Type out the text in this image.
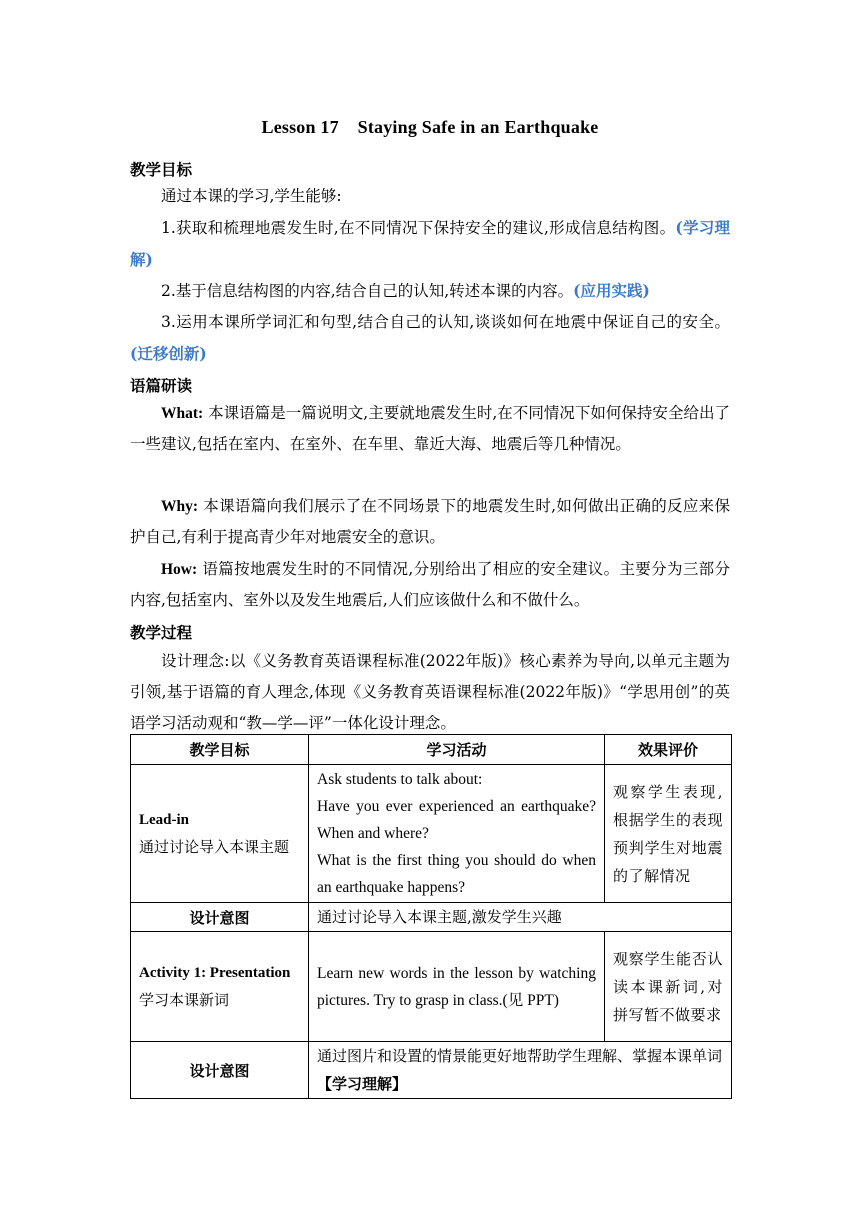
Lesson 17    Staying Safe in an Earthquake
教学目标
通过本课的学习,学生能够:
1.获取和梳理地震发生时,在不同情况下保持安全的建议,形成信息结构图。(学习理解)
2.基于信息结构图的内容,结合自己的认知,转述本课的内容。(应用实践)
3.运用本课所学词汇和句型,结合自己的认知,谈谈如何在地震中保证自己的安全。(迁移创新)
语篇研读
What: 本课语篇是一篇说明文,主要就地震发生时,在不同情况下如何保持安全给出了一些建议,包括在室内、在室外、在车里、靠近大海、地震后等几种情况。
Why: 本课语篇向我们展示了在不同场景下的地震发生时,如何做出正确的反应来保护自己,有利于提高青少年对地震安全的意识。
How: 语篇按地震发生时的不同情况,分别给出了相应的安全建议。主要分为三部分内容,包括室内、室外以及发生地震后,人们应该做什么和不做什么。
教学过程
设计理念:以《义务教育英语课程标准(2022年版)》核心素养为导向,以单元主题为引领,基于语篇的育人理念,体现《义务教育英语课程标准(2022年版)》“学思用创”的英语学习活动观和“教—学—评”一体化设计理念。
教学目标	学习活动	效果评价

Lead-in
通过讨论导入本课主题	Ask students to talk about:
Have you ever experienced an earthquake? When and where?
What is the first thing you should do when an earthquake happens?	观察学生表现,根据学生的表现预判学生对地震的了解情况
设计意图	通过讨论导入本课主题,激发学生兴趣	

Activity 1: Presentation
学习本课新词	Learn new words in the lesson by watching pictures. Try to grasp in class.(见 PPT)	观察学生能否认读本课新词,对拼写暂不做要求
设计意图	通过图片和设置的情景能更好地帮助学生理解、掌握本课单词【学习理解】	
